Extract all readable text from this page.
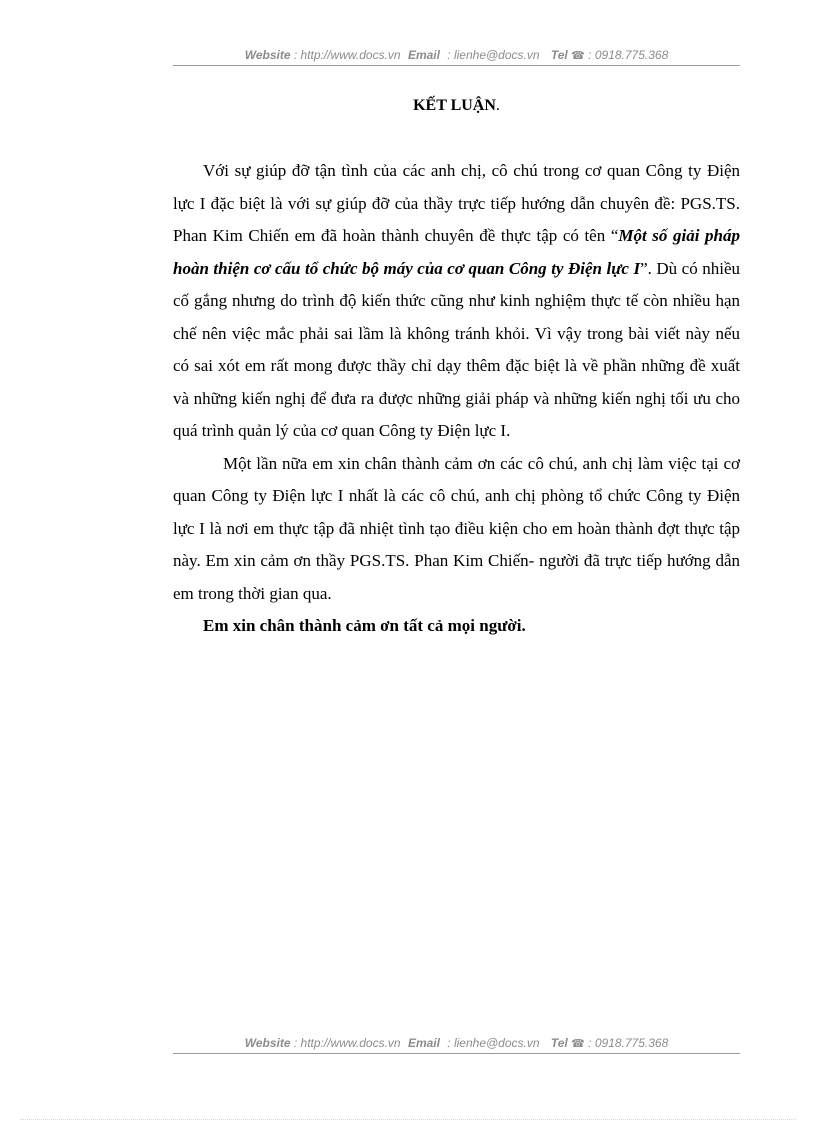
Website : http://www.docs.vn Email : lienhe@docs.vn Tel ☎ : 0918.775.368
KẾT LUẬN.

Với sự giúp đỡ tận tình của các anh chị, cô chú trong cơ quan Công ty Điện lực I đặc biệt là với sự giúp đỡ của thầy trực tiếp hướng dẫn chuyên đề: PGS.TS. Phan Kim Chiến em đã hoàn thành chuyên đề thực tập có tên “Một số giải pháp hoàn thiện cơ cấu tổ chức bộ máy của cơ quan Công ty Điện lực I”. Dù có nhiều cố gắng nhưng do trình độ kiến thức cũng như kinh nghiệm thực tế còn nhiều hạn chế nên việc mắc phải sai lầm là không tránh khỏi. Vì vậy trong bài viết này nếu có sai xót em rất mong được thầy chỉ dạy thêm đặc biệt là về phần những đề xuất và những kiến nghị để đưa ra được những giải pháp và những kiến nghị tối ưu cho quá trình quản lý của cơ quan Công ty Điện lực I.

Một lần nữa em xin chân thành cảm ơn các cô chú, anh chị làm việc tại cơ quan Công ty Điện lực I nhất là các cô chú, anh chị phòng tổ chức Công ty Điện lực I là nơi em thực tập đã nhiệt tình tạo điều kiện cho em hoàn thành đợt thực tập này. Em xin cảm ơn thầy PGS.TS. Phan Kim Chiến- người đã trực tiếp hướng dẫn em trong thời gian qua.

Em xin chân thành cảm ơn tất cả mọi người.

Website : http://www.docs.vn Email : lienhe@docs.vn Tel ☎ : 0918.775.368
